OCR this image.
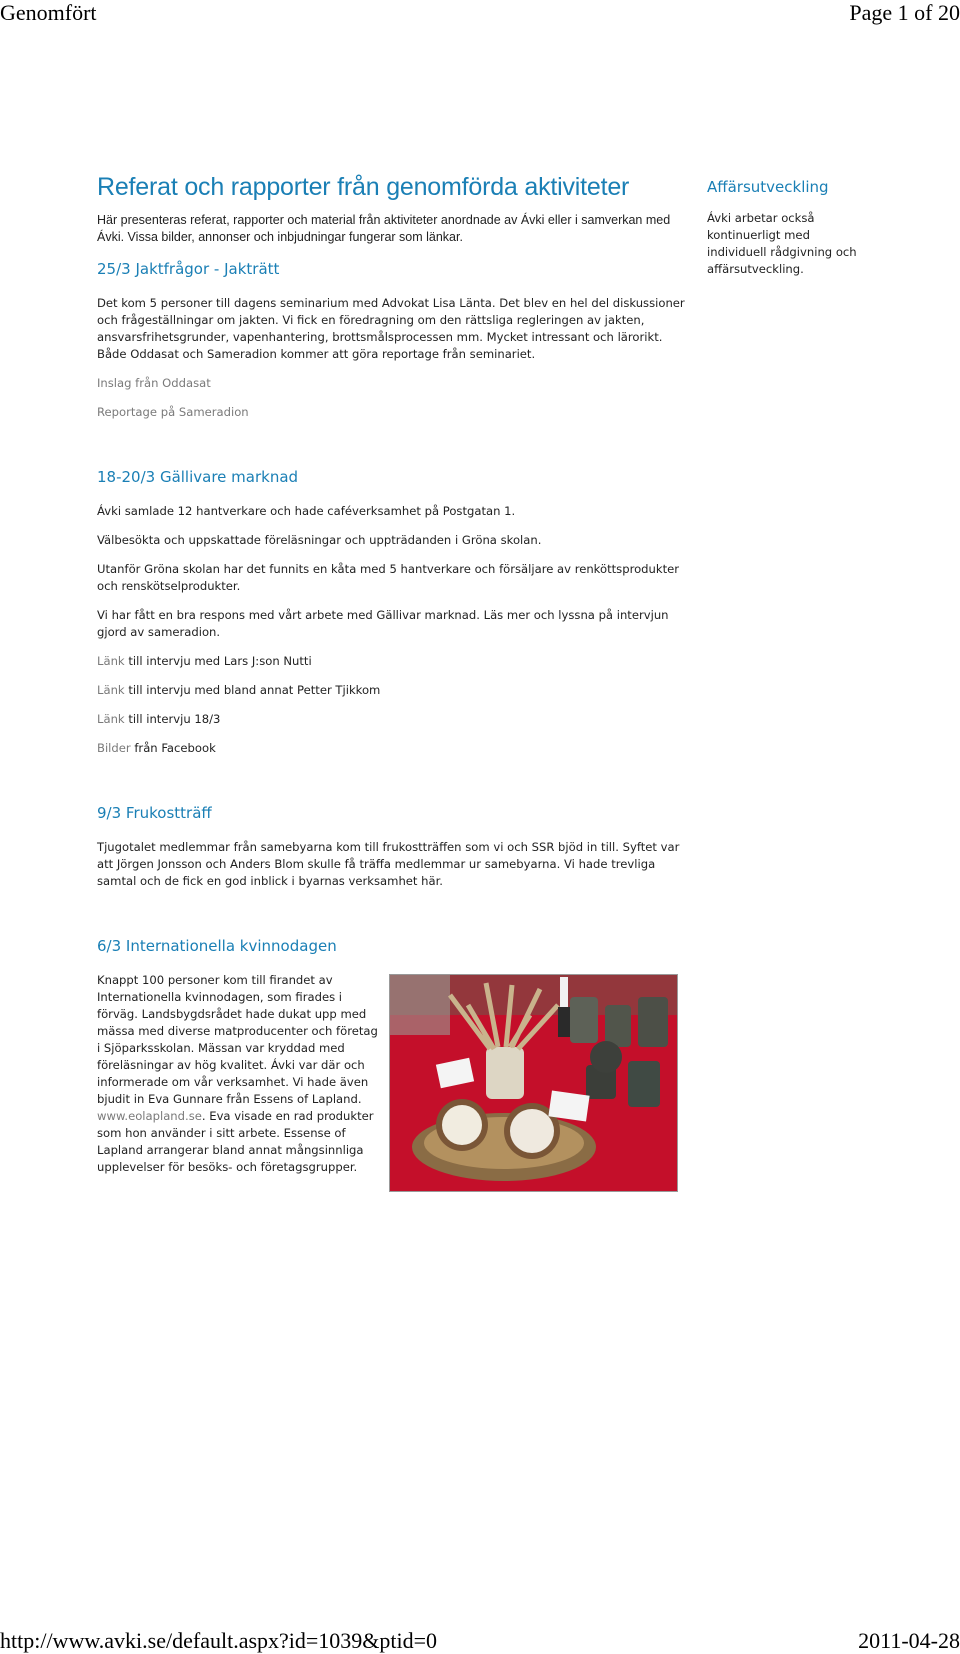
Genomfört	Page 1 of 20
Referat och rapporter från genomförda aktiviteter

Här presenteras referat, rapporter och material från aktiviteter anordnade av Ávki eller i samverkan med Ávki. Vissa bilder, annonser och inbjudningar fungerar som länkar.

25/3 Jaktfrågor - Jakträtt

Det kom 5 personer till dagens seminarium med Advokat Lisa Länta. Det blev en hel del diskussioner och frågeställningar om jakten. Vi fick en föredragning om den rättsliga regleringen av jakten, ansvarsfrihetsgrunder, vapenhantering, brottsmålsprocessen mm. Mycket intressant och lärorikt. Både Oddasat och Sameradion kommer att göra reportage från seminariet.

Inslag från Oddasat

Reportage på Sameradion

18-20/3 Gällivare marknad

Ávki samlade 12 hantverkare och hade caféverksamhet på Postgatan 1.

Välbesökta och uppskattade föreläsningar och uppträdanden i Gröna skolan.

Utanför Gröna skolan har det funnits en kåta med 5 hantverkare och försäljare av renköttsprodukter och renskötselprodukter.

Vi har fått en bra respons med vårt arbete med Gällivar marknad. Läs mer och lyssna på intervjun gjord av sameradion.

Länk till intervju med Lars J:son Nutti

Länk till intervju med bland annat Petter Tjikkom

Länk till intervju 18/3

Bilder från Facebook

9/3 Frukostträff

Tjugotalet medlemmar från samebyarna kom till frukostträffen som vi och SSR bjöd in till. Syftet var att Jörgen Jonsson och Anders Blom skulle få träffa medlemmar ur samebyarna. Vi hade trevliga samtal och de fick en god inblick i byarnas verksamhet här.

6/3 Internationella kvinnodagen

Knappt 100 personer kom till firandet av Internationella kvinnodagen, som firades i förväg. Landsbygdsrådet hade dukat upp med mässa med diverse matproducenter och företag i Sjöparksskolan. Mässan var kryddad med föreläsningar av hög kvalitet. Ávki var där och informerade om vår verksamhet. Vi hade även bjudit in Eva Gunnare från Essens of Lapland. www.eolapland.se. Eva visade en rad produkter som hon använder i sitt arbete. Essense of Lapland arrangerar bland annat mångsinnliga upplevelser för besöks- och företagsgrupper.

Affärsutveckling

Ávki arbetar också kontinuerligt med individuell rådgivning och affärsutveckling.

http://www.avki.se/default.aspx?id=1039&ptid=0	2011-04-28
